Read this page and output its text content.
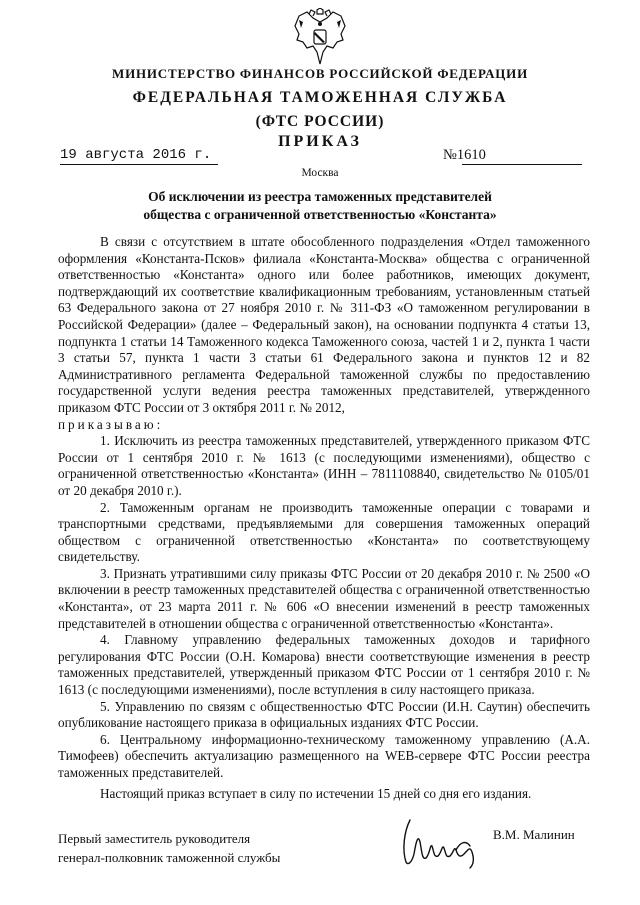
МИНИСТЕРСТВО ФИНАНСОВ РОССИЙСКОЙ ФЕДЕРАЦИИ
ФЕДЕРАЛЬНАЯ ТАМОЖЕННАЯ СЛУЖБА
(ФТС РОССИИ)
ПРИКАЗ
19 августа 2016 г.	№1610
Москва
Об исключении из реестра таможенных представителей
общества с ограниченной ответственностью «Константа»

В связи с отсутствием в штате обособленного подразделения «Отдел таможенного оформления «Константа-Псков» филиала «Константа-Москва» общества с ограниченной ответственностью «Константа» одного или более работников, имеющих документ, подтверждающий их соответствие квалификационным требованиям, установленным статьей 63 Федерального закона от 27 ноября 2010 г. № 311-ФЗ «О таможенном регулировании в Российской Федерации» (далее – Федеральный закон), на основании подпункта 4 статьи 13, подпункта 1 статьи 14 Таможенного кодекса Таможенного союза, частей 1 и 2, пункта 1 части 3 статьи 57, пункта 1 части 3 статьи 61 Федерального закона и пунктов 12 и 82 Административного регламента Федеральной таможенной службы по предоставлению государственной услуги ведения реестра таможенных представителей, утвержденного приказом ФТС России от 3 октября 2011 г. № 2012,

приказываю:

1. Исключить из реестра таможенных представителей, утвержденного приказом ФТС России от 1 сентября 2010 г. № 1613 (с последующими изменениями), общество с ограниченной ответственностью «Константа» (ИНН – 7811108840, свидетельство № 0105/01 от 20 декабря 2010 г.).

2. Таможенным органам не производить таможенные операции с товарами и транспортными средствами, предъявляемыми для совершения таможенных операций обществом с ограниченной ответственностью «Константа» по соответствующему свидетельству.

3. Признать утратившими силу приказы ФТС России от 20 декабря 2010 г. № 2500 «О включении в реестр таможенных представителей общества с ограниченной ответственностью «Константа», от 23 марта 2011 г. № 606 «О внесении изменений в реестр таможенных представителей в отношении общества с ограниченной ответственностью «Константа».

4. Главному управлению федеральных таможенных доходов и тарифного регулирования ФТС России (О.Н. Комарова) внести соответствующие изменения в реестр таможенных представителей, утвержденный приказом ФТС России от 1 сентября 2010 г. № 1613 (с последующими изменениями), после вступления в силу настоящего приказа.

5. Управлению по связям с общественностью ФТС России (И.Н. Саутин) обеспечить опубликование настоящего приказа в официальных изданиях ФТС России.

6. Центральному информационно-техническому таможенному управлению (А.А. Тимофеев) обеспечить актуализацию размещенного на WEB-сервере ФТС России реестра таможенных представителей.

Настоящий приказ вступает в силу по истечении 15 дней со дня его издания.

Первый заместитель руководителя
генерал-полковник таможенной службы
В.М. Малинин
